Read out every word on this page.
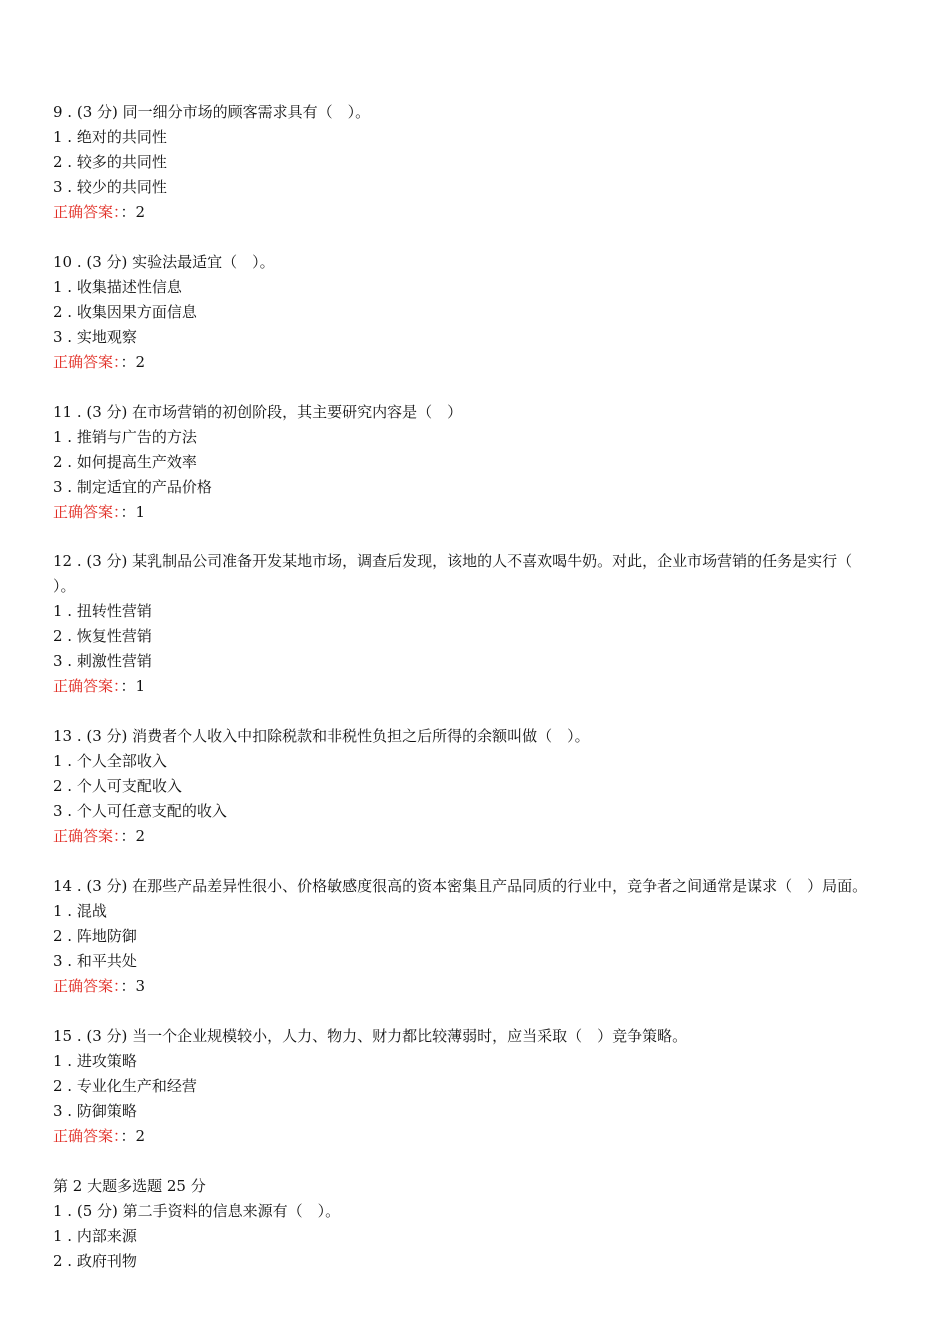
9 . (3 分) 同一细分市场的顾客需求具有（　）。
1 . 绝对的共同性
2 . 较多的共同性
3 . 较少的共同性
正确答案：：2
10 . (3 分) 实验法最适宜（　）。
1 . 收集描述性信息
2 . 收集因果方面信息
3 . 实地观察
正确答案：：2
11 . (3 分) 在市场营销的初创阶段，其主要研究内容是（　）
1 . 推销与广告的方法
2 . 如何提高生产效率
3 . 制定适宜的产品价格
正确答案：：1
12 . (3 分) 某乳制品公司准备开发某地市场，调查后发现，该地的人不喜欢喝牛奶。对此，企业市场营销的任务是实行（
）。
1 . 扭转性营销
2 . 恢复性营销
3 . 刺激性营销
正确答案：：1
13 . (3 分) 消费者个人收入中扣除税款和非税性负担之后所得的余额叫做（　）。
1 . 个人全部收入
2 . 个人可支配收入
3 . 个人可任意支配的收入
正确答案：：2
14 . (3 分) 在那些产品差异性很小、价格敏感度很高的资本密集且产品同质的行业中，竞争者之间通常是谋求（　）局面。
1 . 混战
2 . 阵地防御
3 . 和平共处
正确答案：：3
15 . (3 分) 当一个企业规模较小，人力、物力、财力都比较薄弱时，应当采取（　）竞争策略。
1 . 进攻策略
2 . 专业化生产和经营
3 . 防御策略
正确答案：：2
第 2 大题多选题 25 分
1 . (5 分) 第二手资料的信息来源有（　）。
1 . 内部来源
2 . 政府刊物
